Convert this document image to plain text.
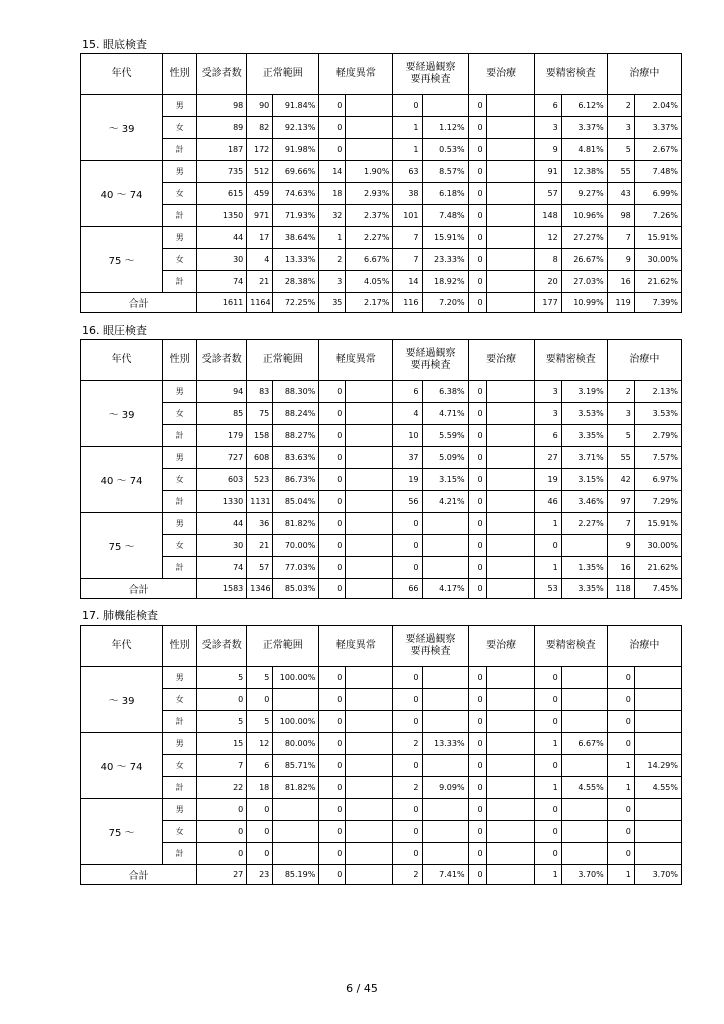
15. 眼底検査
年代	性別	受診者数	正常範囲		軽度異常		要経過観察
要再検査		要治療		要精密検査		治療中	
～ 39	男	98	90	91.84%	0		0		0		6	6.12%	2	2.04%
	女	89	82	92.13%	0		1	1.12%	0		3	3.37%	3	3.37%
	計	187	172	91.98%	0		1	0.53%	0		9	4.81%	5	2.67%
40 ～ 74	男	735	512	69.66%	14	1.90%	63	8.57%	0		91	12.38%	55	7.48%
	女	615	459	74.63%	18	2.93%	38	6.18%	0		57	9.27%	43	6.99%
	計	1350	971	71.93%	32	2.37%	101	7.48%	0		148	10.96%	98	7.26%
75 ～	男	44	17	38.64%	1	2.27%	7	15.91%	0		12	27.27%	7	15.91%
	女	30	4	13.33%	2	6.67%	7	23.33%	0		8	26.67%	9	30.00%
	計	74	21	28.38%	3	4.05%	14	18.92%	0		20	27.03%	16	21.62%
合計		1611	1164	72.25%	35	2.17%	116	7.20%	0		177	10.99%	119	7.39%
16. 眼圧検査
年代	性別	受診者数	正常範囲		軽度異常		要経過観察
要再検査		要治療		要精密検査		治療中	
～ 39	男	94	83	88.30%	0		6	6.38%	0		3	3.19%	2	2.13%
	女	85	75	88.24%	0		4	4.71%	0		3	3.53%	3	3.53%
	計	179	158	88.27%	0		10	5.59%	0		6	3.35%	5	2.79%
40 ～ 74	男	727	608	83.63%	0		37	5.09%	0		27	3.71%	55	7.57%
	女	603	523	86.73%	0		19	3.15%	0		19	3.15%	42	6.97%
	計	1330	1131	85.04%	0		56	4.21%	0		46	3.46%	97	7.29%
75 ～	男	44	36	81.82%	0		0		0		1	2.27%	7	15.91%
	女	30	21	70.00%	0		0		0		0		9	30.00%
	計	74	57	77.03%	0		0		0		1	1.35%	16	21.62%
合計		1583	1346	85.03%	0		66	4.17%	0		53	3.35%	118	7.45%
17. 肺機能検査
年代	性別	受診者数	正常範囲		軽度異常		要経過観察
要再検査		要治療		要精密検査		治療中	
～ 39	男	5	5	100.00%	0		0		0		0		0	
	女	0	0		0		0		0		0		0	
	計	5	5	100.00%	0		0		0		0		0	
40 ～ 74	男	15	12	80.00%	0		2	13.33%	0		1	6.67%	0	
	女	7	6	85.71%	0		0		0		0		1	14.29%
	計	22	18	81.82%	0		2	9.09%	0		1	4.55%	1	4.55%
75 ～	男	0	0		0		0		0		0		0	
	女	0	0		0		0		0		0		0	
	計	0	0		0		0		0		0		0	
合計		27	23	85.19%	0		2	7.41%	0		1	3.70%	1	3.70%
6 / 45
